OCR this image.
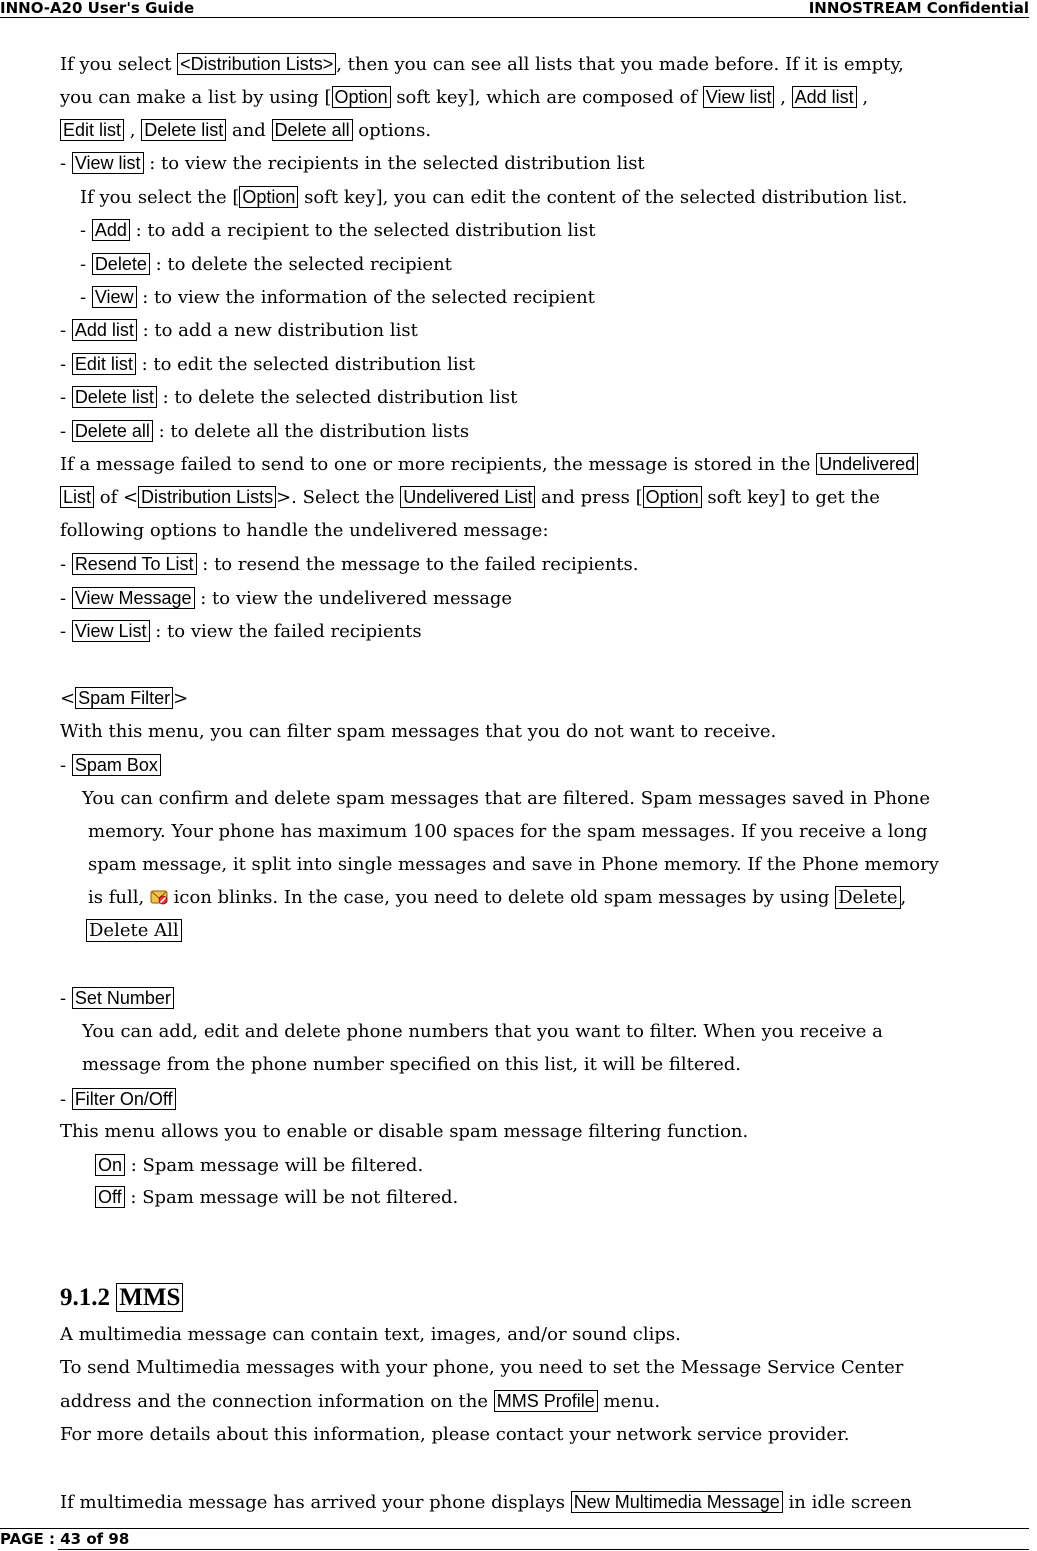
INNO-A20 User's Guide	INNOSTREAM Confidential
If you select <Distribution Lists> , then you can see all lists that you made before. If it is empty,
you can make a list by using [ Option soft key], which are composed of View list , Add list ,
Edit list , Delete list and Delete all options.
- View list : to view the recipients in the selected distribution list
If you select the [ Option soft key], you can edit the content of the selected distribution list.
- Add : to add a recipient to the selected distribution list
- Delete : to delete the selected recipient
- View : to view the information of the selected recipient
- Add list : to add a new distribution list
- Edit list : to edit the selected distribution list
- Delete list : to delete the selected distribution list
- Delete all : to delete all the distribution lists
If a message failed to send to one or more recipients, the message is stored in the Undelivered
List of < Distribution Lists >. Select the Undelivered List and press [ Option soft key] to get the
following options to handle the undelivered message:
- Resend To List : to resend the message to the failed recipients.
- View Message : to view the undelivered message
- View List : to view the failed recipients
< Spam Filter >
With this menu, you can filter spam messages that you do not want to receive.
- Spam Box
You can confirm and delete spam messages that are filtered. Spam messages saved in Phone
memory. Your phone has maximum 100 spaces for the spam messages. If you receive a long
spam message, it split into single messages and save in Phone memory. If the Phone memory
is full,  icon blinks. In the case, you need to delete old spam messages by using Delete ,
Delete All
- Set Number
You can add, edit and delete phone numbers that you want to filter. When you receive a
message from the phone number specified on this list, it will be filtered.
- Filter On/Off
This menu allows you to enable or disable spam message filtering function.
On : Spam message will be filtered.
Off : Spam message will be not filtered.
9.1.2 MMS
A multimedia message can contain text, images, and/or sound clips.
To send Multimedia messages with your phone, you need to set the Message Service Center
address and the connection information on the MMS Profile menu.
For more details about this information, please contact your network service provider.
If multimedia message has arrived your phone displays New Multimedia Message in idle screen
PAGE : 43 of 98
